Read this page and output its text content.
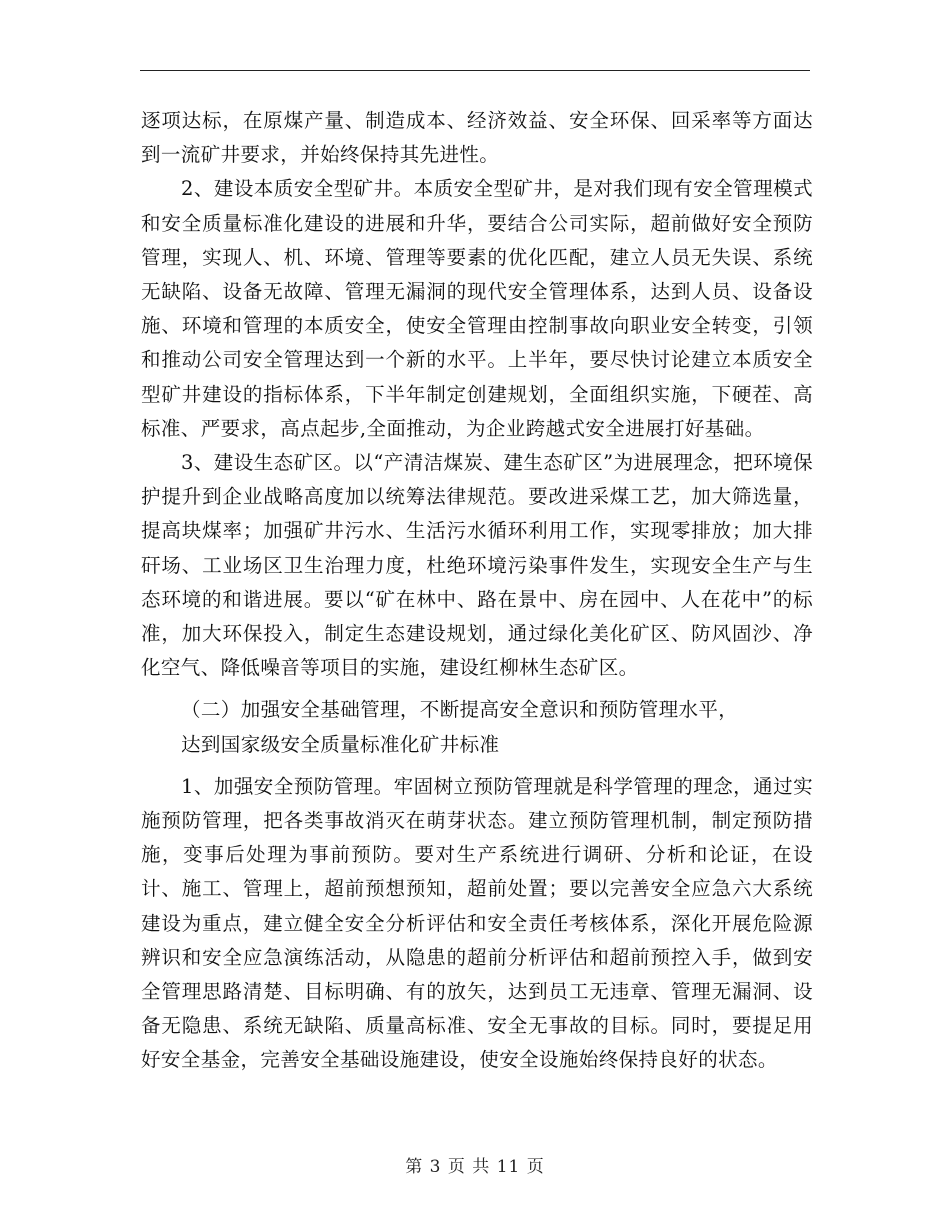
逐项达标，在原煤产量、制造成本、经济效益、安全环保、回采率等方面达到一流矿井要求，并始终保持其先进性。

2、建设本质安全型矿井。本质安全型矿井，是对我们现有安全管理模式和安全质量标准化建设的进展和升华，要结合公司实际，超前做好安全预防管理，实现人、机、环境、管理等要素的优化匹配，建立人员无失误、系统无缺陷、设备无故障、管理无漏洞的现代安全管理体系，达到人员、设备设施、环境和管理的本质安全，使安全管理由控制事故向职业安全转变，引领和推动公司安全管理达到一个新的水平。上半年，要尽快讨论建立本质安全型矿井建设的指标体系，下半年制定创建规划，全面组织实施，下硬茬、高标准、严要求，高点起步,全面推动，为企业跨越式安全进展打好基础。

3、建设生态矿区。以“产清洁煤炭、建生态矿区”为进展理念，把环境保护提升到企业战略高度加以统筹法律规范。要改进采煤工艺，加大筛选量，提高块煤率；加强矿井污水、生活污水循环利用工作，实现零排放；加大排矸场、工业场区卫生治理力度，杜绝环境污染事件发生，实现安全生产与生态环境的和谐进展。要以“矿在林中、路在景中、房在园中、人在花中”的标准，加大环保投入，制定生态建设规划，通过绿化美化矿区、防风固沙、净化空气、降低噪音等项目的实施，建设红柳林生态矿区。

（二）加强安全基础管理，不断提高安全意识和预防管理水平，

达到国家级安全质量标准化矿井标准

1、加强安全预防管理。牢固树立预防管理就是科学管理的理念，通过实施预防管理，把各类事故消灭在萌芽状态。建立预防管理机制，制定预防措施，变事后处理为事前预防。要对生产系统进行调研、分析和论证，在设计、施工、管理上，超前预想预知，超前处置；要以完善安全应急六大系统建设为重点，建立健全安全分析评估和安全责任考核体系，深化开展危险源辨识和安全应急演练活动，从隐患的超前分析评估和超前预控入手，做到安全管理思路清楚、目标明确、有的放矢，达到员工无违章、管理无漏洞、设备无隐患、系统无缺陷、质量高标准、安全无事故的目标。同时，要提足用好安全基金，完善安全基础设施建设，使安全设施始终保持良好的状态。

第 3 页 共 11 页
